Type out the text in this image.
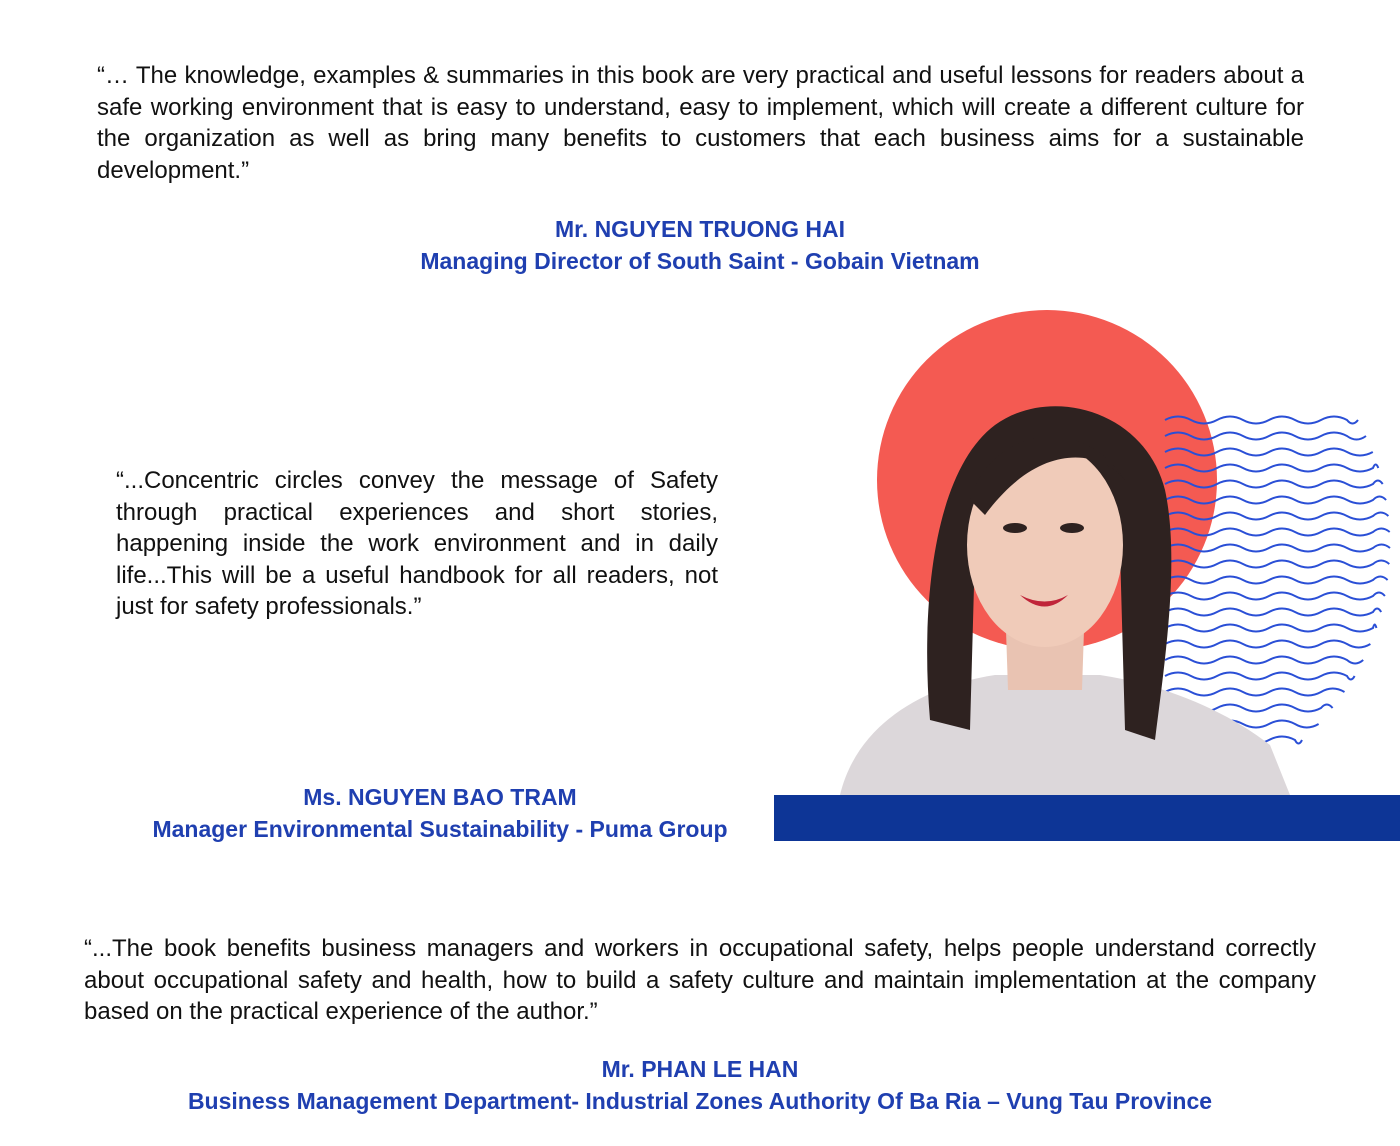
“… The knowledge, examples & summaries in this book are very practical and useful lessons for readers about a safe working environment that is easy to understand, easy to implement, which will create a different culture for the organization as well as bring many benefits to customers that each business aims for a sustainable development.”

Mr. NGUYEN TRUONG HAI
Managing Director of South Saint - Gobain Vietnam

“...Concentric circles convey the message of Safety through practical experiences and short stories, happening inside the work environment and in daily life...This will be a useful handbook for all readers, not just for safety professionals.”

Ms. NGUYEN BAO TRAM
Manager Environmental Sustainability - Puma Group

“...The book benefits business managers and workers in occupational safety, helps people understand correctly about occupational safety and health, how to build a safety culture and maintain implementation at the company based on the practical experience of the author.”

Mr. PHAN LE HAN
Business Management Department- Industrial Zones Authority Of Ba Ria – Vung Tau Province
